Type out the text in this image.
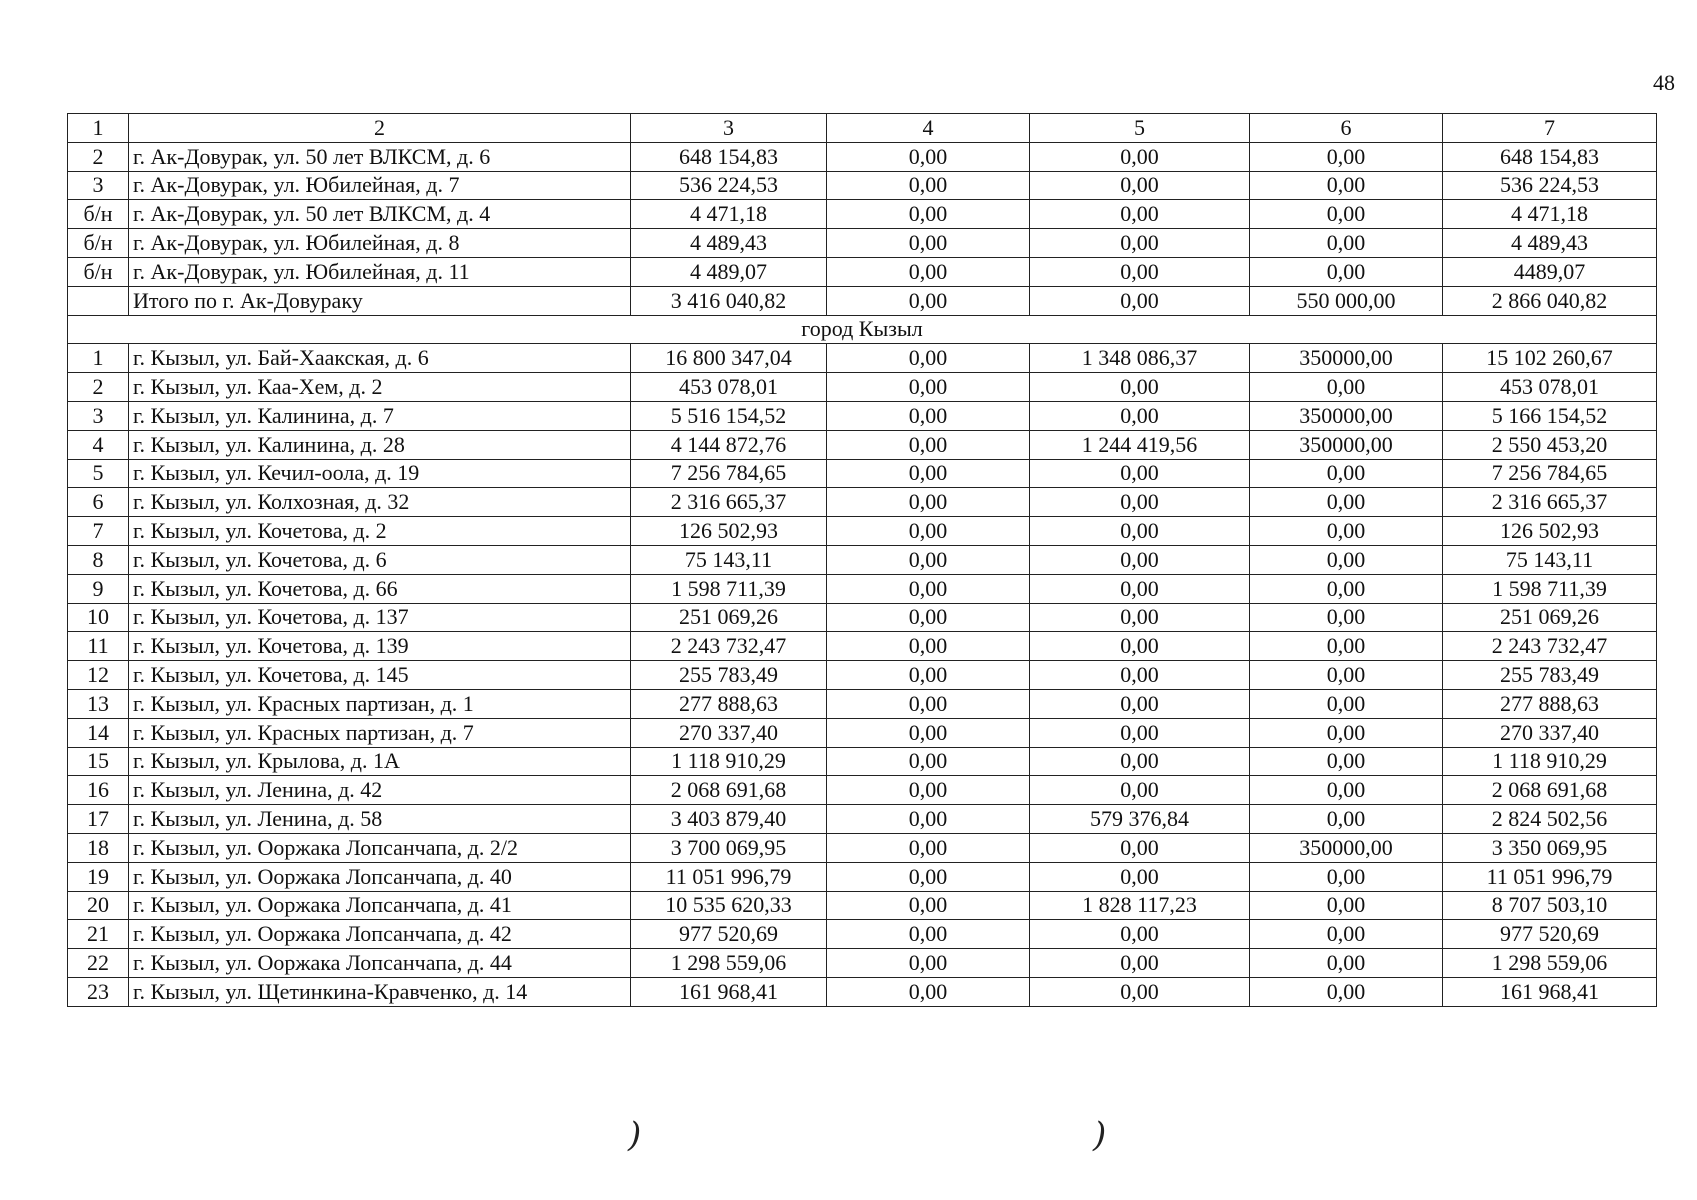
48
1	2	3	4	5	6	7
2	г. Ак-Довурак, ул. 50 лет ВЛКСМ, д. 6	648 154,83	0,00	0,00	0,00	648 154,83
3	г. Ак-Довурак, ул. Юбилейная, д. 7	536 224,53	0,00	0,00	0,00	536 224,53
б/н	г. Ак-Довурак, ул. 50 лет ВЛКСМ, д. 4	4 471,18	0,00	0,00	0,00	4 471,18
б/н	г. Ак-Довурак, ул. Юбилейная, д. 8	4 489,43	0,00	0,00	0,00	4 489,43
б/н	г. Ак-Довурак, ул. Юбилейная, д. 11	4 489,07	0,00	0,00	0,00	4489,07
	Итого по г. Ак-Довураку	3 416 040,82	0,00	0,00	550 000,00	2 866 040,82
город Кызыл						
1	г. Кызыл, ул. Бай-Хаакская, д. 6	16 800 347,04	0,00	1 348 086,37	350000,00	15 102 260,67
2	г. Кызыл, ул. Каа-Хем, д. 2	453 078,01	0,00	0,00	0,00	453 078,01
3	г. Кызыл, ул. Калинина, д. 7	5 516 154,52	0,00	0,00	350000,00	5 166 154,52
4	г. Кызыл, ул. Калинина, д. 28	4 144 872,76	0,00	1 244 419,56	350000,00	2 550 453,20
5	г. Кызыл, ул. Кечил-оола, д. 19	7 256 784,65	0,00	0,00	0,00	7 256 784,65
6	г. Кызыл, ул. Колхозная, д. 32	2 316 665,37	0,00	0,00	0,00	2 316 665,37
7	г. Кызыл, ул. Кочетова, д. 2	126 502,93	0,00	0,00	0,00	126 502,93
8	г. Кызыл, ул. Кочетова, д. 6	75 143,11	0,00	0,00	0,00	75 143,11
9	г. Кызыл, ул. Кочетова, д. 66	1 598 711,39	0,00	0,00	0,00	1 598 711,39
10	г. Кызыл, ул. Кочетова, д. 137	251 069,26	0,00	0,00	0,00	251 069,26
11	г. Кызыл, ул. Кочетова, д. 139	2 243 732,47	0,00	0,00	0,00	2 243 732,47
12	г. Кызыл, ул. Кочетова, д. 145	255 783,49	0,00	0,00	0,00	255 783,49
13	г. Кызыл, ул. Красных партизан, д. 1	277 888,63	0,00	0,00	0,00	277 888,63
14	г. Кызыл, ул. Красных партизан, д. 7	270 337,40	0,00	0,00	0,00	270 337,40
15	г. Кызыл, ул. Крылова, д. 1А	1 118 910,29	0,00	0,00	0,00	1 118 910,29
16	г. Кызыл, ул. Ленина, д. 42	2 068 691,68	0,00	0,00	0,00	2 068 691,68
17	г. Кызыл, ул. Ленина, д. 58	3 403 879,40	0,00	579 376,84	0,00	2 824 502,56
18	г. Кызыл, ул. Ооржака Лопсанчапа, д. 2/2	3 700 069,95	0,00	0,00	350000,00	3 350 069,95
19	г. Кызыл, ул. Ооржака Лопсанчапа, д. 40	11 051 996,79	0,00	0,00	0,00	11 051 996,79
20	г. Кызыл, ул. Ооржака Лопсанчапа, д. 41	10 535 620,33	0,00	1 828 117,23	0,00	8 707 503,10
21	г. Кызыл, ул. Ооржака Лопсанчапа, д. 42	977 520,69	0,00	0,00	0,00	977 520,69
22	г. Кызыл, ул. Ооржака Лопсанчапа, д. 44	1 298 559,06	0,00	0,00	0,00	1 298 559,06
23	г. Кызыл, ул. Щетинкина-Кравченко, д. 14	161 968,41	0,00	0,00	0,00	161 968,41
)	)
